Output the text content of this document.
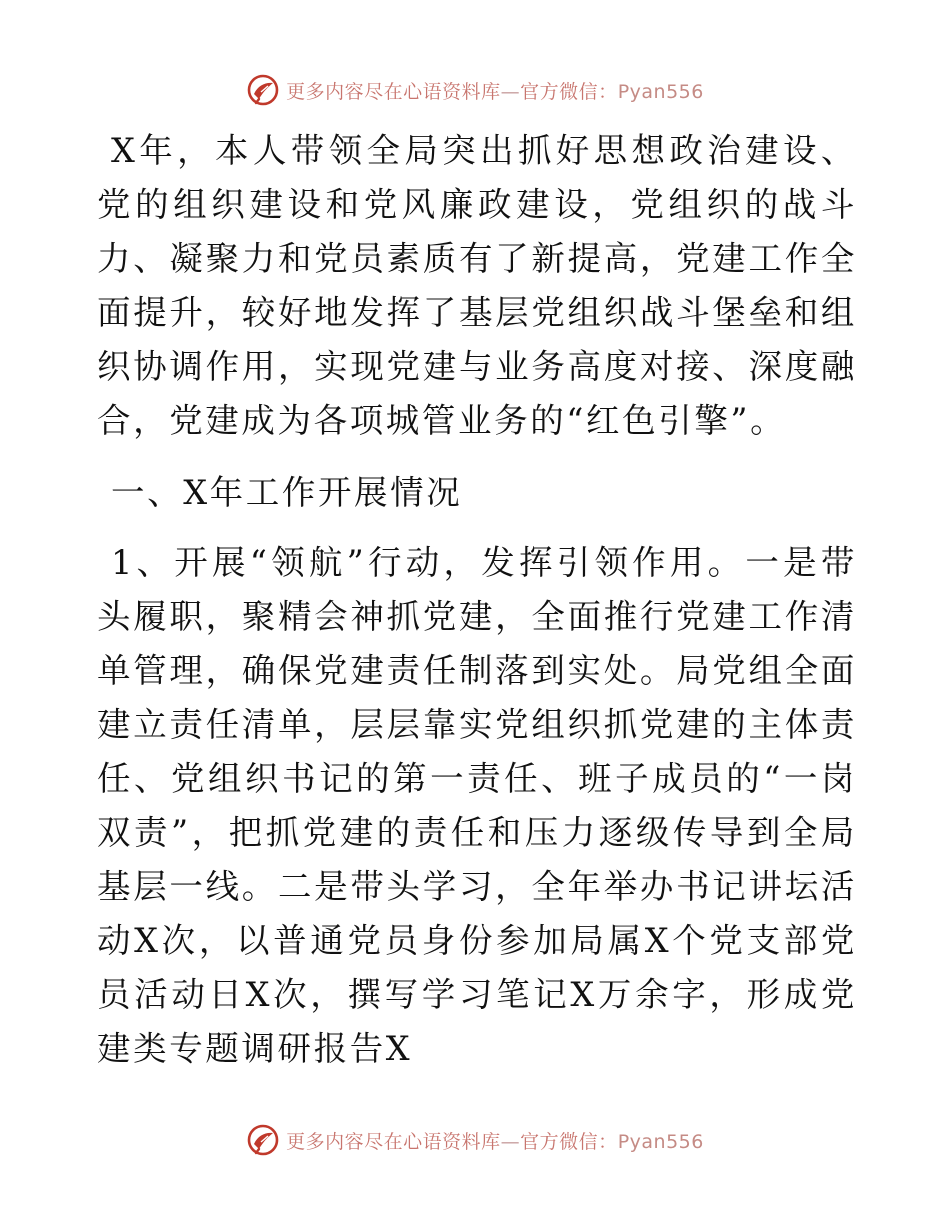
更多内容尽在心语资料库—官方微信：Pyan556

X年，本人带领全局突出抓好思想政治建设、党的组织建设和党风廉政建设，党组织的战斗力、凝聚力和党员素质有了新提高，党建工作全面提升，较好地发挥了基层党组织战斗堡垒和组织协调作用，实现党建与业务高度对接、深度融合，党建成为各项城管业务的“红色引擎”。

一、X年工作开展情况

1、开展“领航”行动，发挥引领作用。一是带头履职，聚精会神抓党建，全面推行党建工作清单管理，确保党建责任制落到实处。局党组全面建立责任清单，层层靠实党组织抓党建的主体责任、党组织书记的第一责任、班子成员的“一岗双责”，把抓党建的责任和压力逐级传导到全局基层一线。二是带头学习，全年举办书记讲坛活动X次，以普通党员身份参加局属X个党支部党员活动日X次，撰写学习笔记X万余字，形成党建类专题调研报告X

更多内容尽在心语资料库—官方微信：Pyan556
